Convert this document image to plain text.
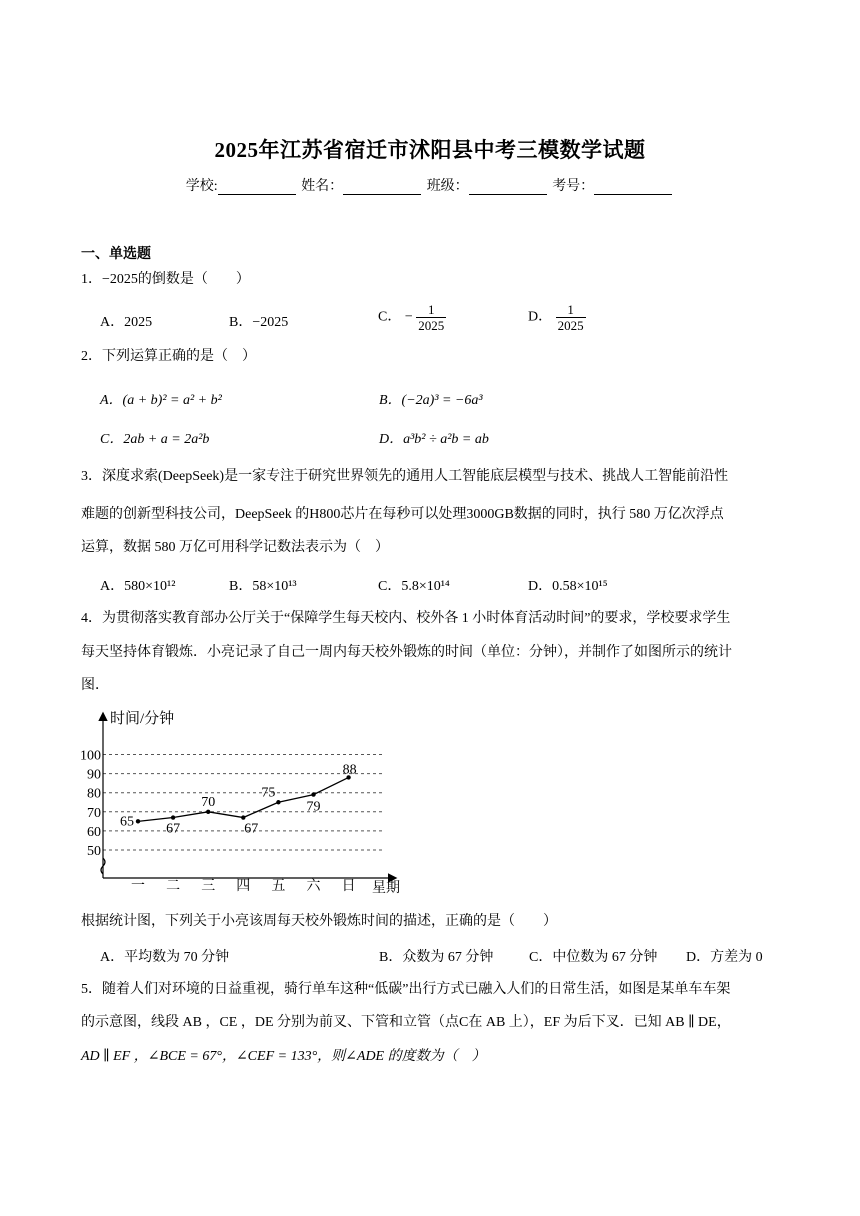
2025年江苏省宿迁市沭阳县中考三模数学试题
学校:	姓名：	班级：	考号：
一、单选题
1．−2025的倒数是（　　）
A．2025	B．−2025	C． − $\frac{1}{2025}$	D． $\frac{1}{2025}$
2．下列运算正确的是（　）
A．(a + b)² = a² + b²	B．(−2a)³ = −6a³
C．2ab + a = 2a²b	D．a³b² ÷ a²b = ab
3．深度求索(DeepSeek)是一家专注于研究世界领先的通用人工智能底层模型与技术、挑战人工智能前沿性
难题的创新型科技公司，DeepSeek 的H800芯片在每秒可以处理3000GB数据的同时，执行 580 万亿次浮点
运算，数据 580 万亿可用科学记数法表示为（　）
A．580×10¹²	B．58×10¹³	C．5.8×10¹⁴	D．0.58×10¹⁵
4．为贯彻落实教育部办公厅关于“保障学生每天校内、校外各 1 小时体育活动时间”的要求，学校要求学生
每天坚持体育锻炼．小亮记录了自己一周内每天校外锻炼的时间（单位：分钟），并制作了如图所示的统计
图．
时间/分钟
星期
50
60
70
80
90
100
一 二 三 四 五 六 日
65 67
70
67
75
79
88
根据统计图，下列关于小亮该周每天校外锻炼时间的描述，正确的是（　　）
A．平均数为 70 分钟	B．众数为 67 分钟	C．中位数为 67 分钟 D．方差为 0
5．随着人们对环境的日益重视，骑行单车这种“低碳”出行方式已融入人们的日常生活，如图是某单车车架
的示意图，线段 AB ，CE ，DE 分别为前叉、下管和立管（点C在 AB 上），EF 为后下叉．已知 AB ∥ DE，
AD ∥ EF ，∠BCE = 67°，∠CEF = 133°，则∠ADE 的度数为（　）
